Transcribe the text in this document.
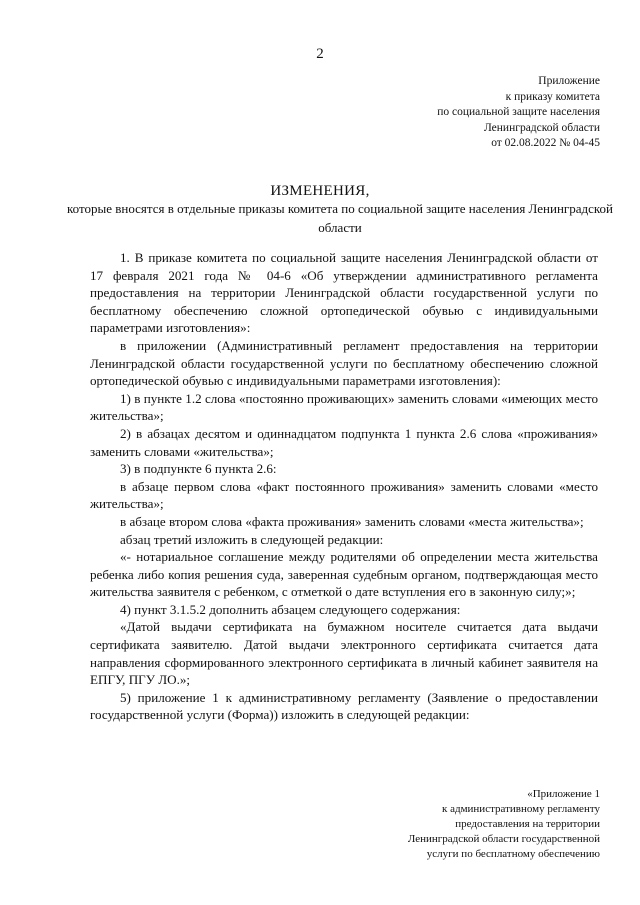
2
Приложение
к приказу комитета
по социальной защите населения
Ленинградской области
от 02.08.2022 № 04-45
ИЗМЕНЕНИЯ,
которые вносятся в отдельные приказы комитета по социальной защите населения Ленинградской области

1. В приказе комитета по социальной защите населения Ленинградской области от 17 февраля 2021 года № 04-6 «Об утверждении административного регламента предоставления на территории Ленинградской области государственной услуги по бесплатному обеспечению сложной ортопедической обувью с индивидуальными параметрами изготовления»:

в приложении (Административный регламент предоставления на территории Ленинградской области государственной услуги по бесплатному обеспечению сложной ортопедической обувью с индивидуальными параметрами изготовления):

1) в пункте 1.2 слова «постоянно проживающих» заменить словами «имеющих место жительства»;

2) в абзацах десятом и одиннадцатом подпункта 1 пункта 2.6 слова «проживания» заменить словами «жительства»;

3) в подпункте 6 пункта 2.6:

в абзаце первом слова «факт постоянного проживания» заменить словами «место жительства»;

в абзаце втором слова «факта проживания» заменить словами «места жительства»;

абзац третий изложить в следующей редакции:

«- нотариальное соглашение между родителями об определении места жительства ребенка либо копия решения суда, заверенная судебным органом, подтверждающая место жительства заявителя с ребенком, с отметкой о дате вступления его в законную силу;»;

4) пункт 3.1.5.2 дополнить абзацем следующего содержания:

«Датой выдачи сертификата на бумажном носителе считается дата выдачи сертификата заявителю. Датой выдачи электронного сертификата считается дата направления сформированного электронного сертификата в личный кабинет заявителя на ЕПГУ, ПГУ ЛО.»;

5) приложение 1 к административному регламенту (Заявление о предоставлении государственной услуги (Форма)) изложить в следующей редакции:

«Приложение 1
к административному регламенту
предоставления на территории
Ленинградской области государственной
услуги по бесплатному обеспечению
